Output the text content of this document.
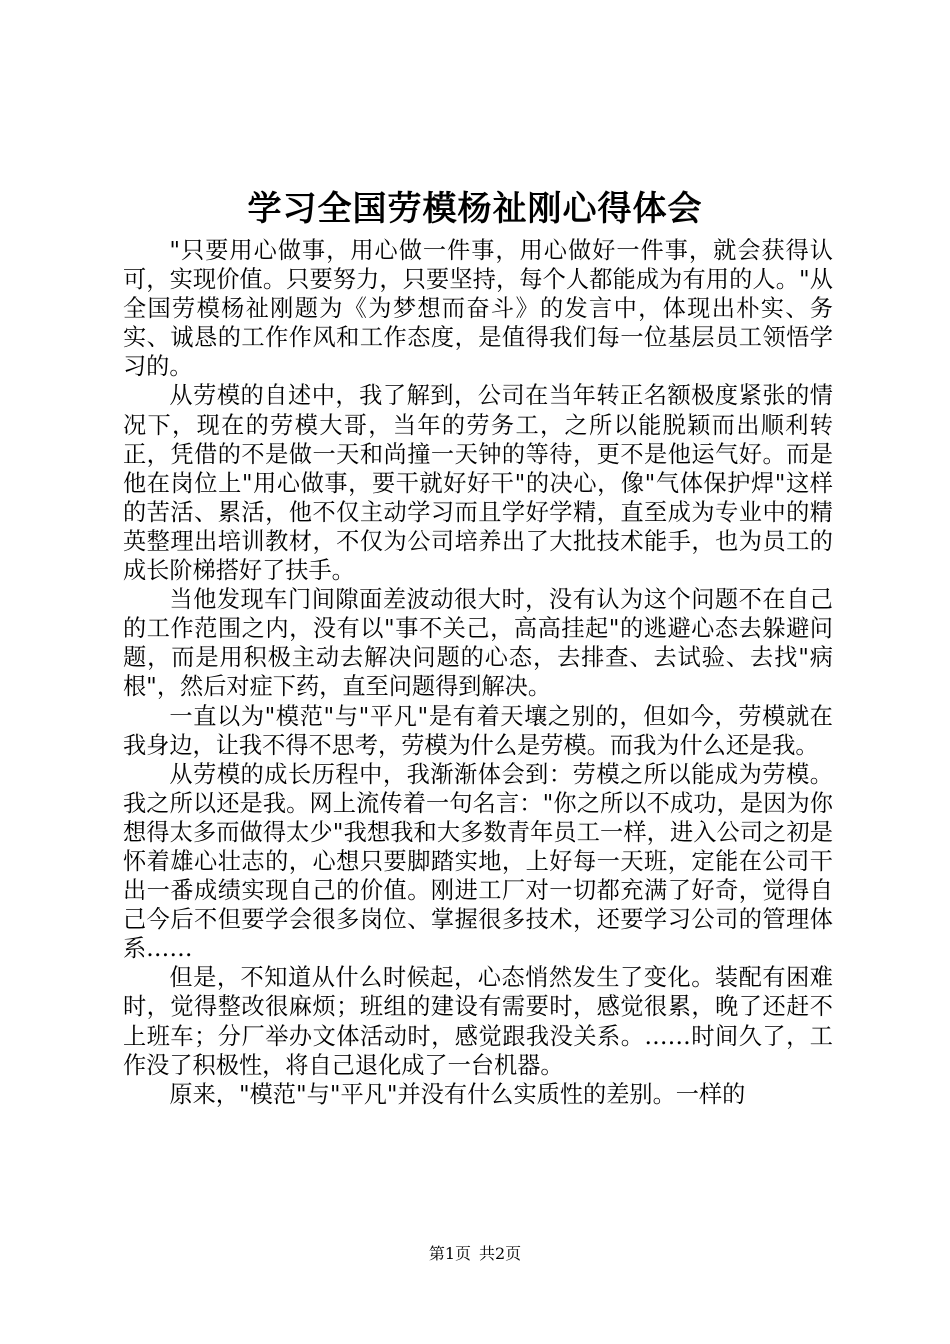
学习全国劳模杨祉刚心得体会

"只要用心做事，用心做一件事，用心做好一件事，就会获得认可，实现价值。只要努力，只要坚持，每个人都能成为有用的人。"从全国劳模杨祉刚题为《为梦想而奋斗》的发言中，体现出朴实、务实、诚恳的工作作风和工作态度，是值得我们每一位基层员工领悟学习的。

从劳模的自述中，我了解到，公司在当年转正名额极度紧张的情况下，现在的劳模大哥，当年的劳务工，之所以能脱颖而出顺利转正，凭借的不是做一天和尚撞一天钟的等待，更不是他运气好。而是他在岗位上"用心做事，要干就好好干"的决心，像"气体保护焊"这样的苦活、累活，他不仅主动学习而且学好学精，直至成为专业中的精英整理出培训教材，不仅为公司培养出了大批技术能手，也为员工的成长阶梯搭好了扶手。

当他发现车门间隙面差波动很大时，没有认为这个问题不在自己的工作范围之内，没有以"事不关己，高高挂起"的逃避心态去躲避问题，而是用积极主动去解决问题的心态，去排查、去试验、去找"病根"，然后对症下药，直至问题得到解决。

一直以为"模范"与"平凡"是有着天壤之别的，但如今，劳模就在我身边，让我不得不思考，劳模为什么是劳模。而我为什么还是我。

从劳模的成长历程中，我渐渐体会到：劳模之所以能成为劳模。我之所以还是我。网上流传着一句名言："你之所以不成功，是因为你想得太多而做得太少"我想我和大多数青年员工一样，进入公司之初是怀着雄心壮志的，心想只要脚踏实地，上好每一天班，定能在公司干出一番成绩实现自己的价值。刚进工厂对一切都充满了好奇，觉得自己今后不但要学会很多岗位、掌握很多技术，还要学习公司的管理体系……

但是，不知道从什么时候起，心态悄然发生了变化。装配有困难时，觉得整改很麻烦；班组的建设有需要时，感觉很累，晚了还赶不上班车；分厂举办文体活动时，感觉跟我没关系。……时间久了，工作没了积极性，将自己退化成了一台机器。

原来，"模范"与"平凡"并没有什么实质性的差别。一样的

第1页 共2页
